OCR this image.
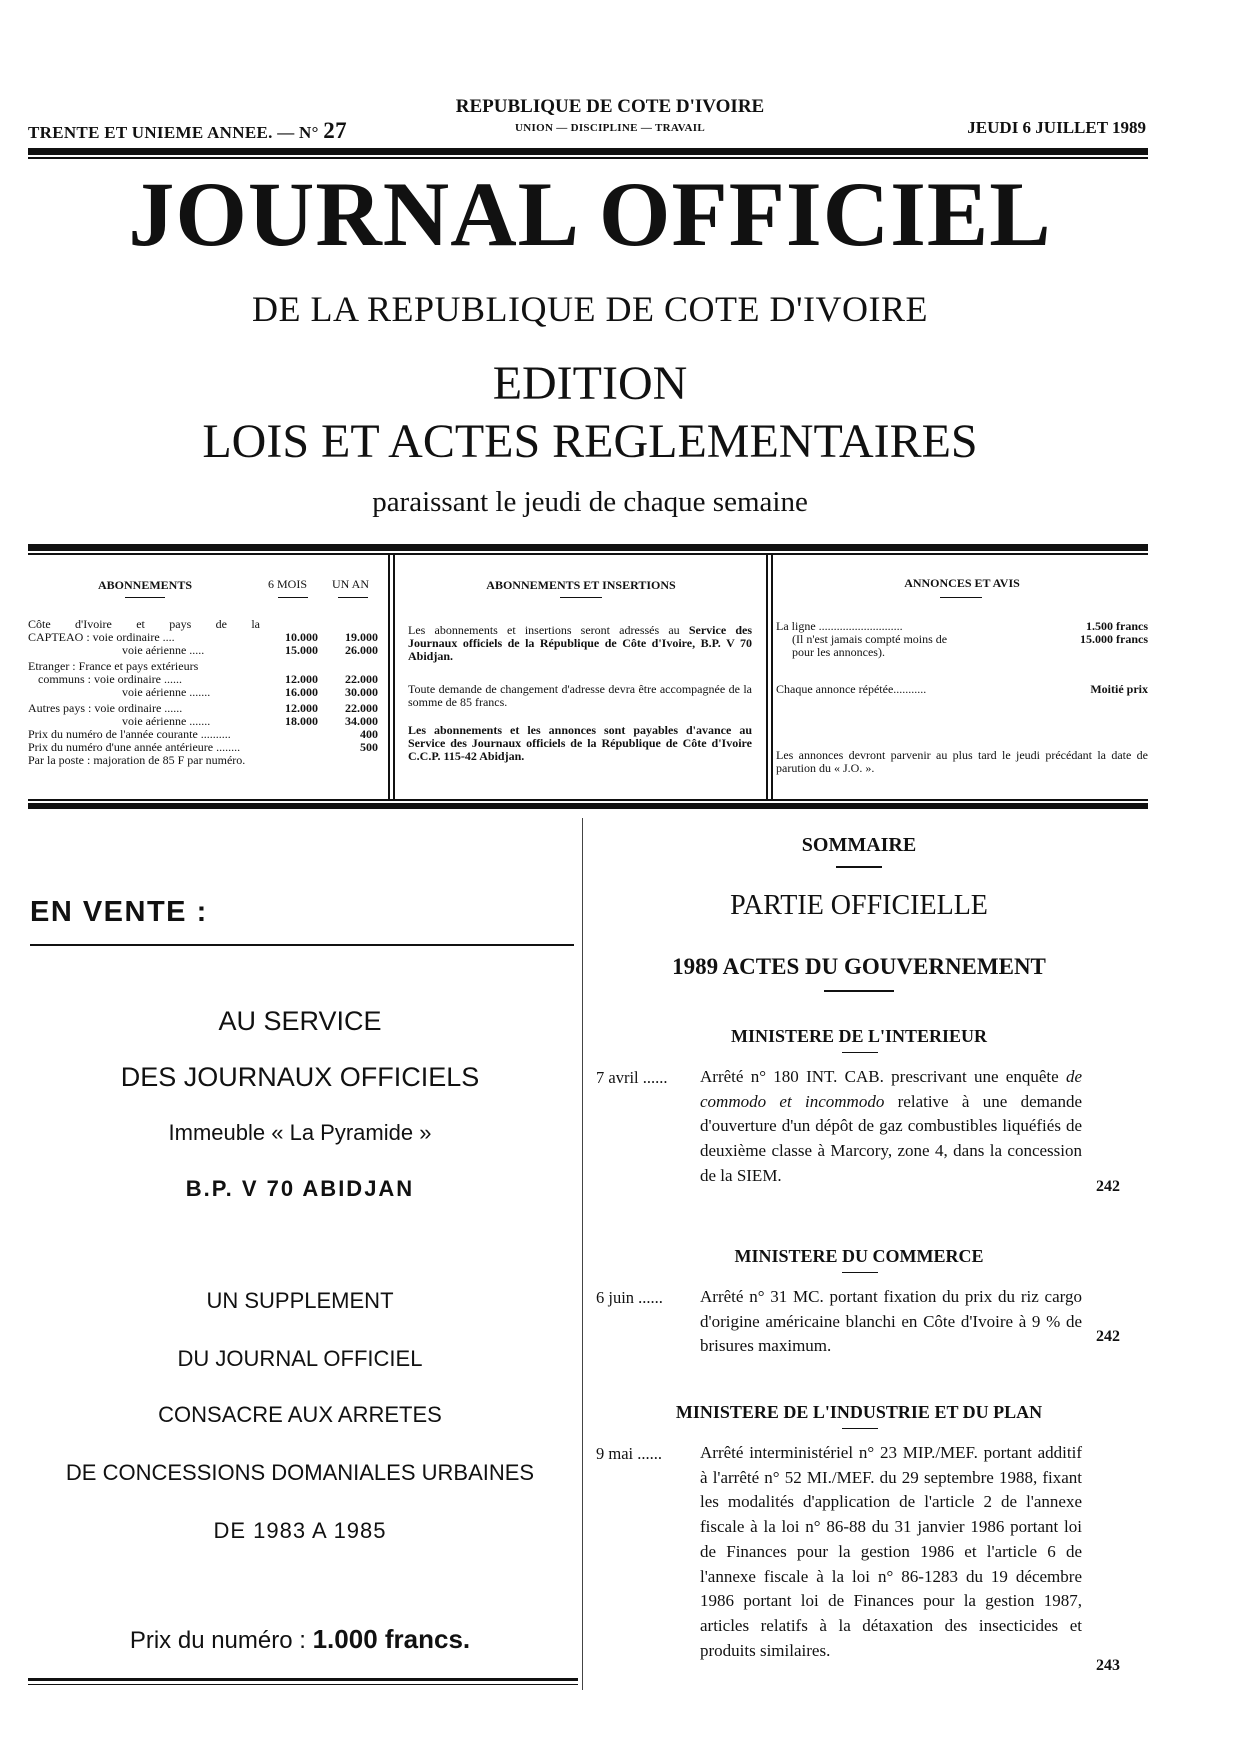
TRENTE ET UNIEME ANNEE. — N° 27
REPUBLIQUE DE COTE D'IVOIRE
UNION — DISCIPLINE — TRAVAIL	JEUDI 6 JUILLET 1989
JOURNAL OFFICIEL
DE LA REPUBLIQUE DE COTE D'IVOIRE
EDITION
LOIS ET ACTES REGLEMENTAIRES
paraissant le jeudi de chaque semaine
ABONNEMENTS	6 MOIS UN AN
Côte d'Ivoire et pays de la
CAPTEAO : voie ordinaire ....	10.000	19.000
voie aérienne .....	15.000	26.000
Etranger : France et pays extérieurs
communs : voie ordinaire ......	12.000	22.000
voie aérienne .......	16.000	30.000
Autres pays : voie ordinaire ......	12.000	22.000
voie aérienne .......	18.000	34.000
Prix du numéro de l'année courante ..........	400
Prix du numéro d'une année antérieure ........	500
Par la poste : majoration de 85 F par numéro.
ABONNEMENTS ET INSERTIONS
Les abonnements et insertions seront adressés au Service des Journaux officiels de la République de Côte d'Ivoire, B.P. V 70 Abidjan.
Toute demande de changement d'adresse devra être accompagnée de la somme de 85 francs.
Les abonnements et les annonces sont payables d'avance au Service des Journaux officiels de la République de Côte d'Ivoire C.C.P. 115-42 Abidjan.
ANNONCES ET AVIS
La ligne ............................	1.500 francs
(Il n'est jamais compté moins de	15.000 francs
pour les annonces).
Chaque annonce répétée...........	Moitié prix
Les annonces devront parvenir au plus tard le jeudi précédant la date de parution du « J.O. ».
EN VENTE :
AU SERVICE
DES JOURNAUX OFFICIELS
Immeuble « La Pyramide »
B.P. V 70 ABIDJAN
UN SUPPLEMENT
DU JOURNAL OFFICIEL
CONSACRE AUX ARRETES
DE CONCESSIONS DOMANIALES URBAINES
DE 1983 A 1985
Prix du numéro : 1.000 francs.
SOMMAIRE
PARTIE OFFICIELLE
1989 ACTES DU GOUVERNEMENT
MINISTERE DE L'INTERIEUR
7 avril ...... Arrêté n° 180 INT. CAB. prescrivant une enquête de commodo et incommodo relative à une demande d'ouverture d'un dépôt de gaz combustibles liquéfiés de deuxième classe à Marcory, zone 4, dans la concession de la SIEM.
242
MINISTERE DU COMMERCE
6 juin ...... Arrêté n° 31 MC. portant fixation du prix du riz cargo d'origine américaine blanchi en Côte d'Ivoire à 9 % de brisures maximum.	242
MINISTERE DE L'INDUSTRIE ET DU PLAN
9 mai ...... Arrêté interministériel n° 23 MIP./MEF. portant additif à l'arrêté n° 52 MI./MEF. du 29 septembre 1988, fixant les modalités d'application de l'article 2 de l'annexe fiscale à la loi n° 86-88 du 31 janvier 1986 portant loi de Finances pour la gestion 1986 et l'article 6 de l'annexe fiscale à la loi n° 86-1283 du 19 décembre 1986 portant loi de Finances pour la gestion 1987, articles relatifs à la détaxation des insecticides et produits similaires.
243
